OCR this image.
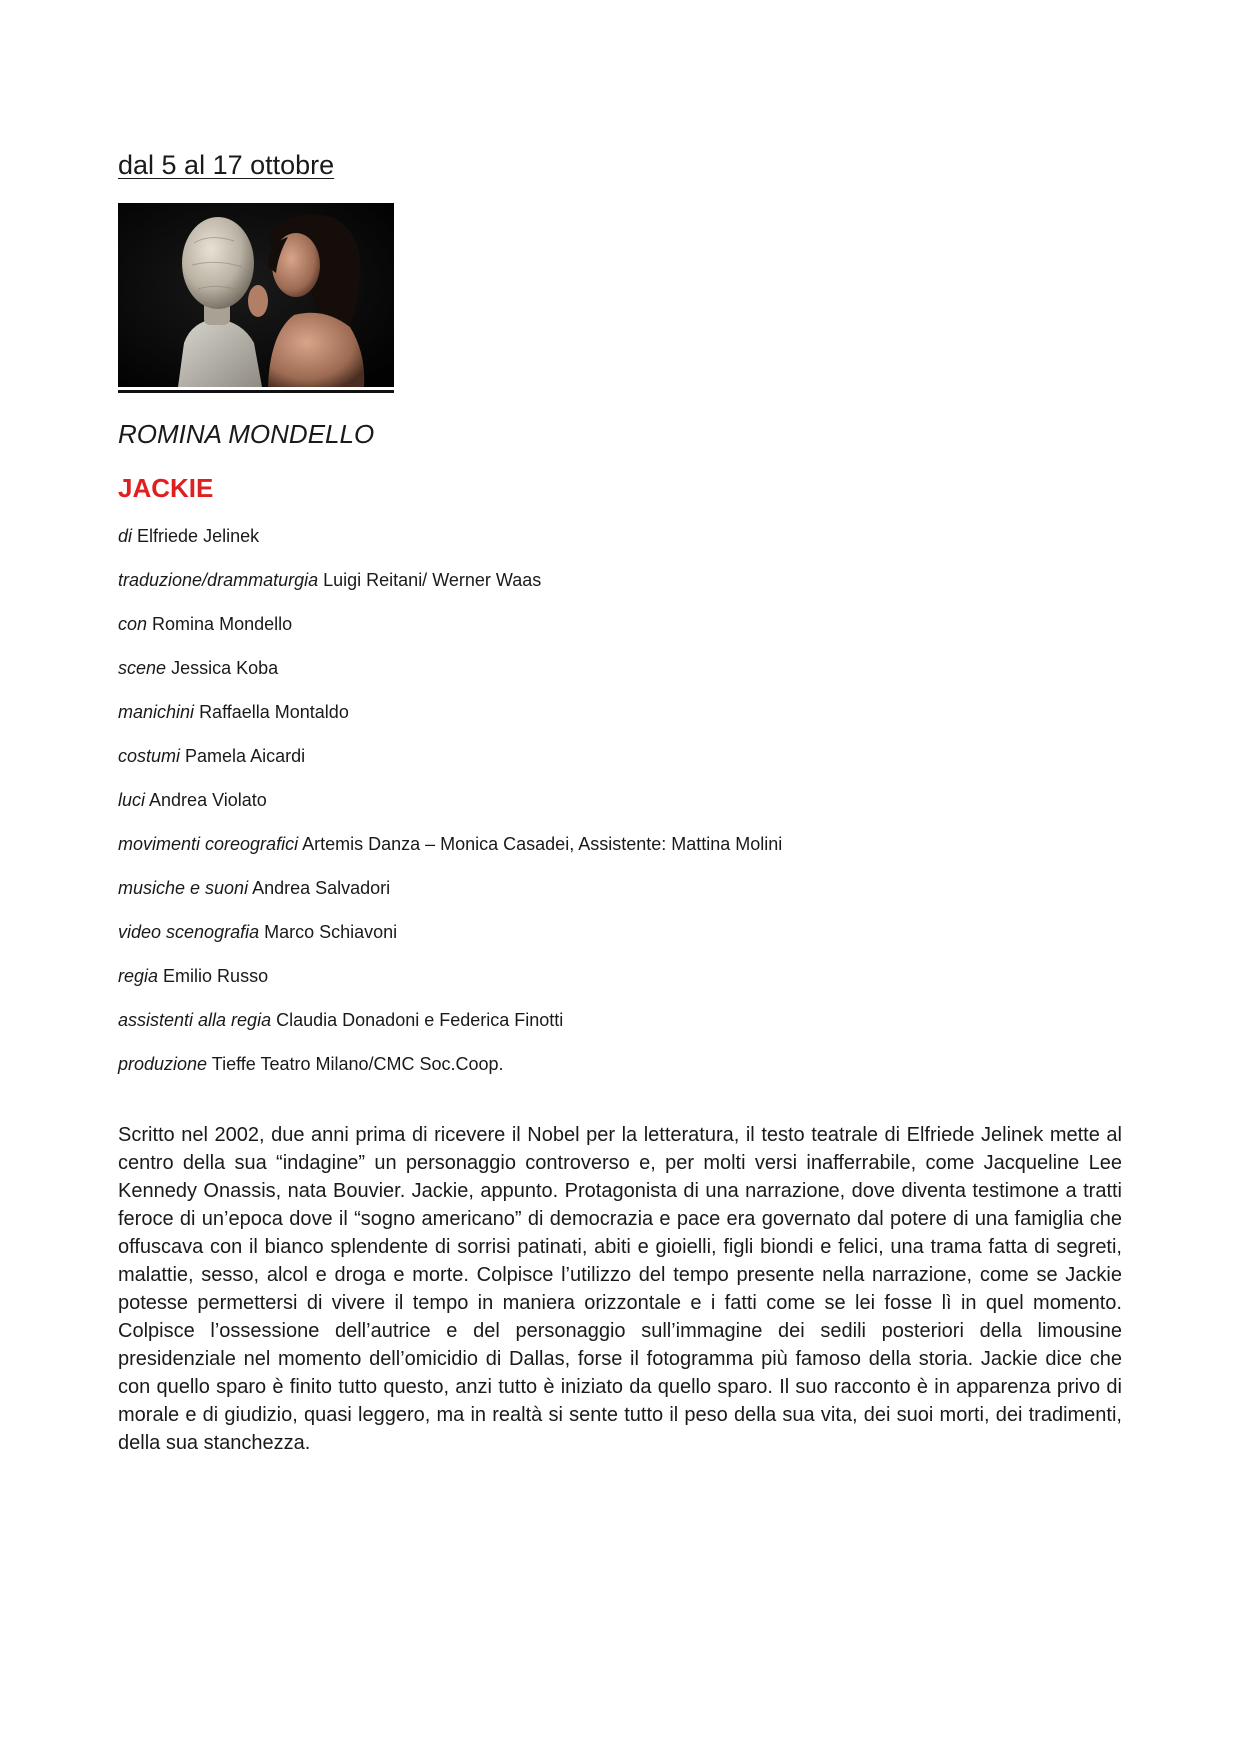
dal 5 al 17 ottobre
ROMINA MONDELLO
JACKIE
di Elfriede Jelinek
traduzione/drammaturgia Luigi Reitani/ Werner Waas
con Romina Mondello
scene Jessica Koba
manichini Raffaella Montaldo
costumi Pamela Aicardi
luci Andrea Violato
movimenti coreografici Artemis Danza – Monica Casadei, Assistente: Mattina Molini
musiche e suoni Andrea Salvadori
video scenografia Marco Schiavoni
regia Emilio Russo
assistenti alla regia Claudia Donadoni e Federica Finotti
produzione Tieffe Teatro Milano/CMC Soc.Coop.

Scritto nel 2002, due anni prima di ricevere il Nobel per la letteratura, il testo teatrale di Elfriede Jelinek mette al centro della sua “indagine” un personaggio controverso e, per molti versi inafferrabile, come Jacqueline Lee Kennedy Onassis, nata Bouvier. Jackie, appunto. Protagonista di una narrazione, dove diventa testimone a tratti feroce di un’epoca dove il “sogno americano” di democrazia e pace era governato dal potere di una famiglia che offuscava con il bianco splendente di sorrisi patinati, abiti e gioielli, figli biondi e felici, una trama fatta di segreti, malattie, sesso, alcol e droga e morte. Colpisce l’utilizzo del tempo presente nella narrazione, come se Jackie potesse permettersi di vivere il tempo in maniera orizzontale e i fatti come se lei fosse lì in quel momento. Colpisce l’ossessione dell’autrice e del personaggio sull’immagine dei sedili posteriori della limousine presidenziale nel momento dell’omicidio di Dallas, forse il fotogramma più famoso della storia. Jackie dice che con quello sparo è finito tutto questo, anzi tutto è iniziato da quello sparo. Il suo racconto è in apparenza privo di morale e di giudizio, quasi leggero, ma in realtà si sente tutto il peso della sua vita, dei suoi morti, dei tradimenti, della sua stanchezza.
